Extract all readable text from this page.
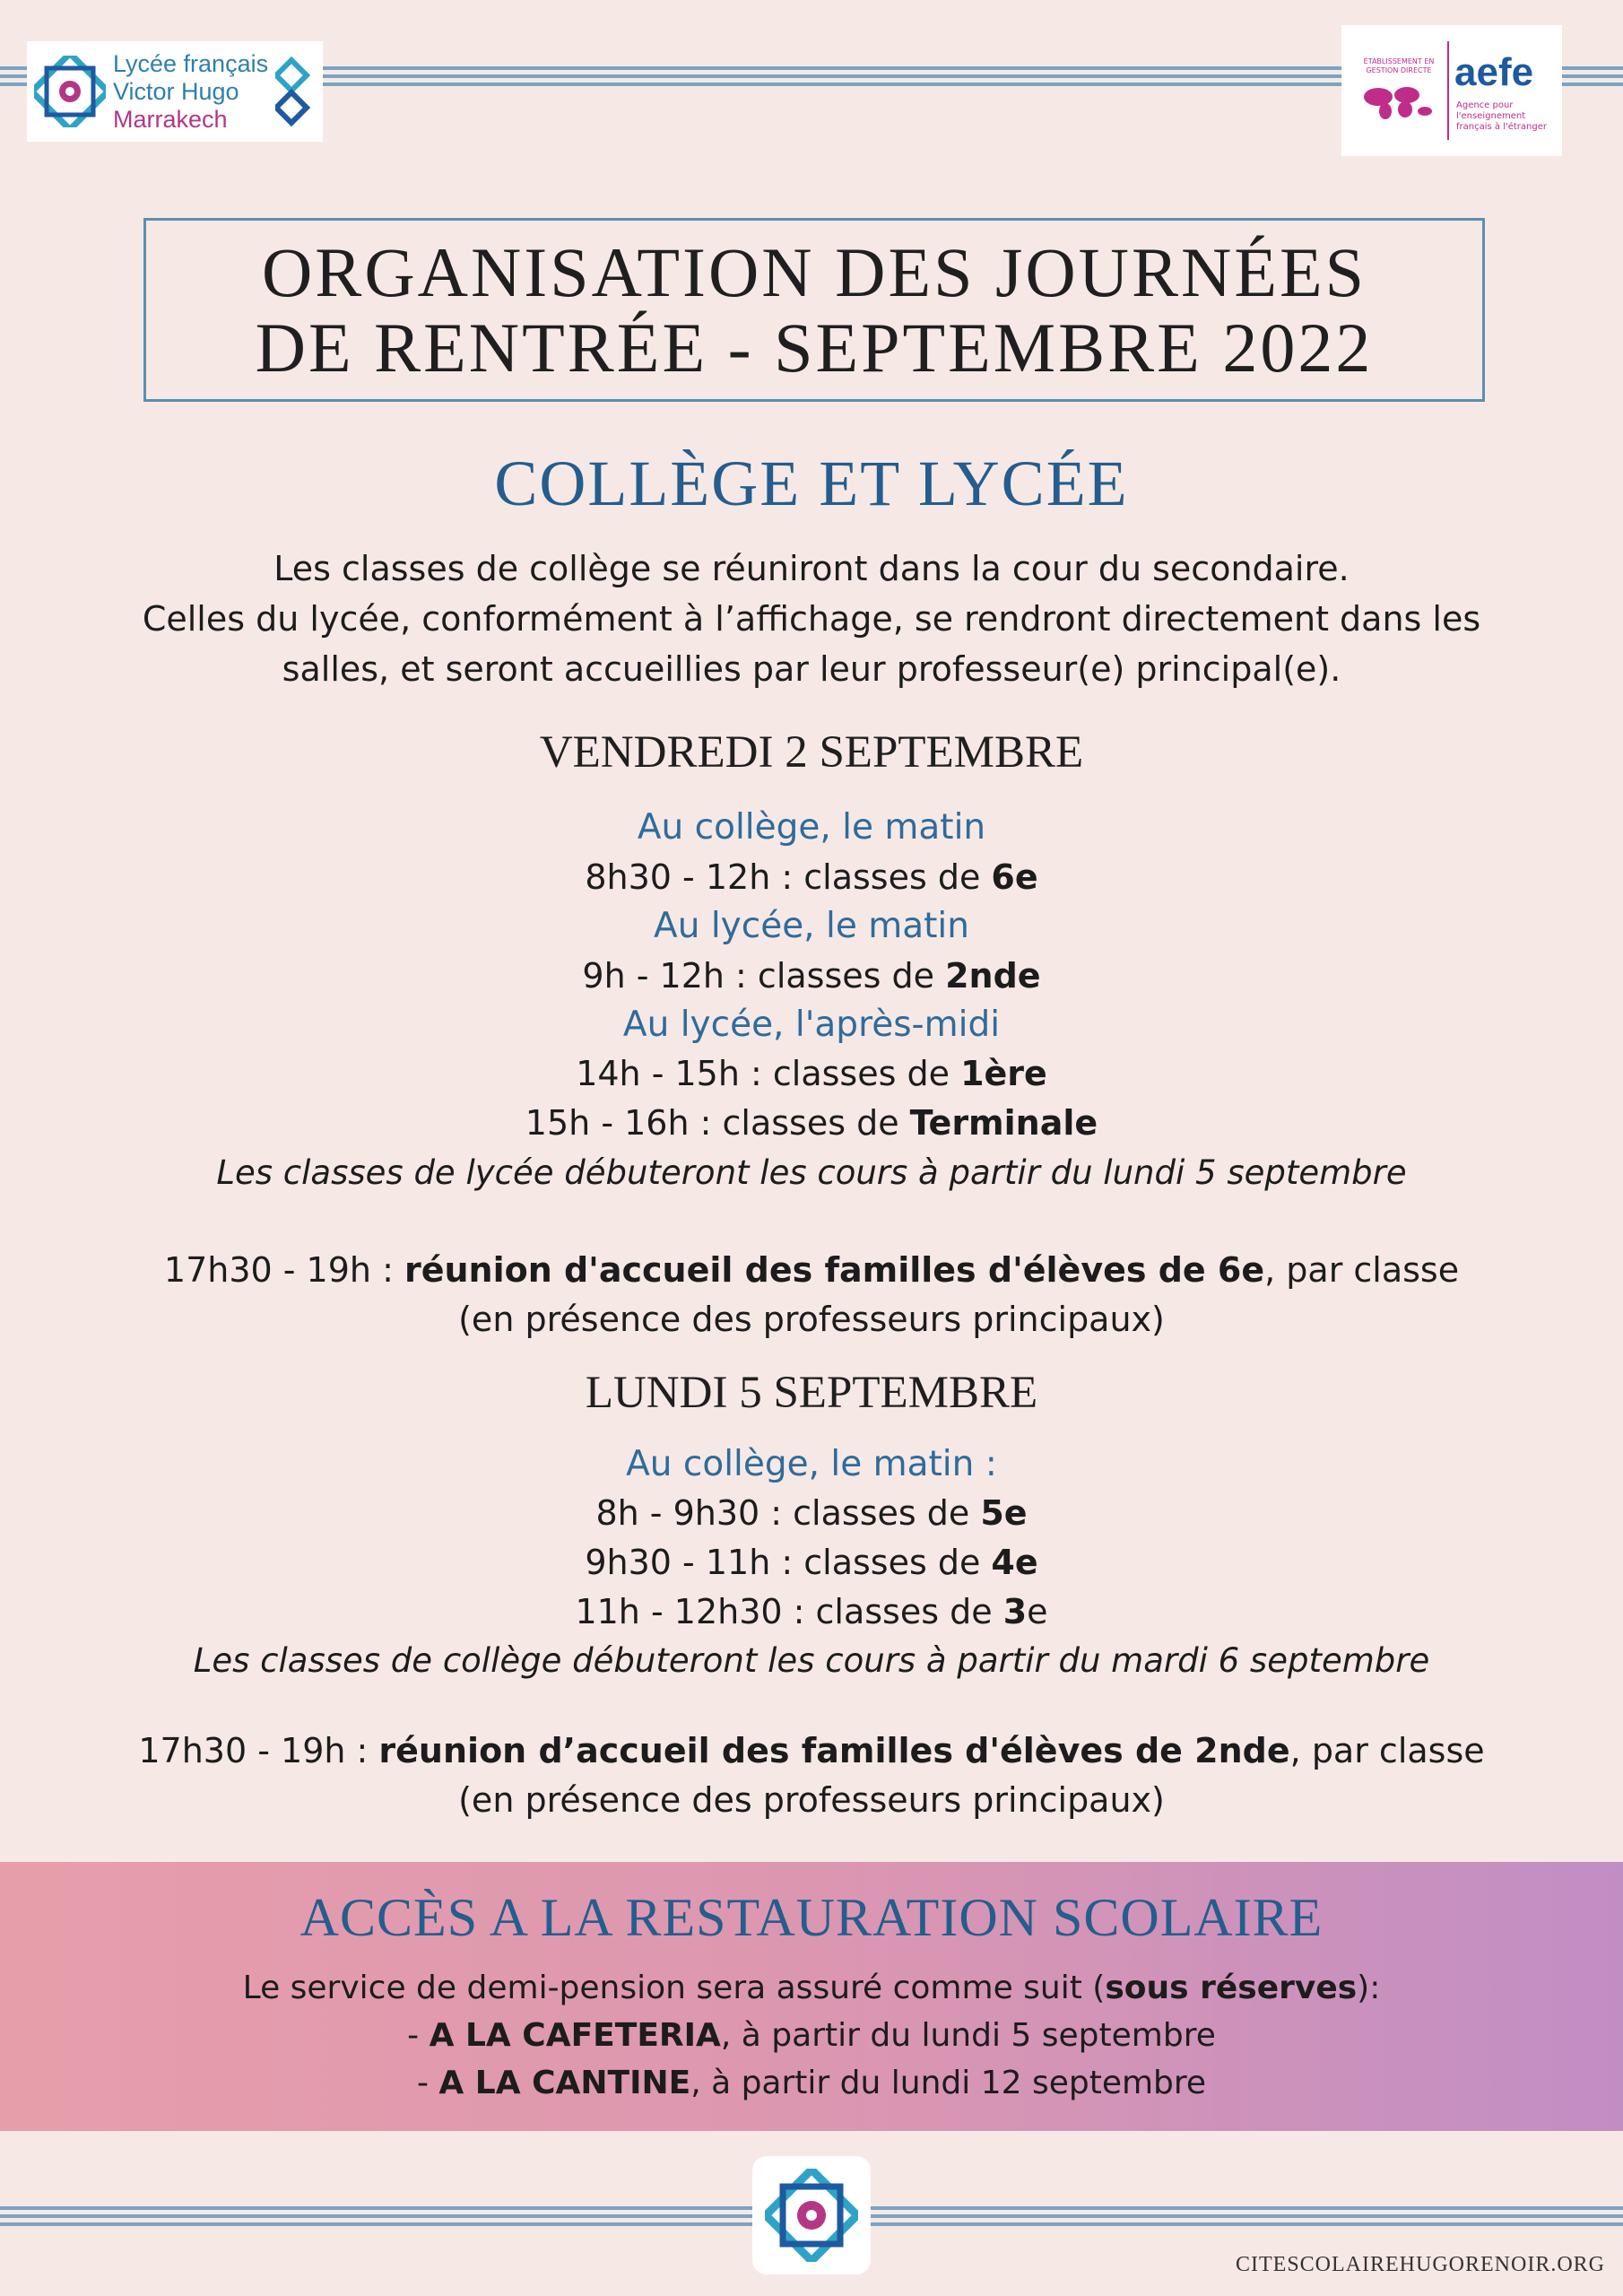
Lycée français
Victor Hugo
Marrakech
ÉTABLISSEMENT EN GESTION DIRECTE aefe
Agence pour l'enseignement français à l'étranger
ORGANISATION DES JOURNÉES
DE RENTRÉE - SEPTEMBRE 2022
COLLÈGE ET LYCÉE
Les classes de collège se réuniront dans la cour du secondaire.
Celles du lycée, conformément à l’affichage, se rendront directement dans les
salles, et seront accueillies par leur professeur(e) principal(e).
VENDREDI 2 SEPTEMBRE
Au collège, le matin
8h30 - 12h : classes de 6e
Au lycée, le matin
9h - 12h : classes de 2nde
Au lycée, l'après-midi
14h - 15h : classes de 1ère
15h - 16h : classes de Terminale
Les classes de lycée débuteront les cours à partir du lundi 5 septembre
17h30 - 19h : réunion d'accueil des familles d'élèves de 6e, par classe
(en présence des professeurs principaux)
LUNDI 5 SEPTEMBRE
Au collège, le matin :
8h - 9h30 : classes de 5e
9h30 - 11h : classes de 4e
11h - 12h30 : classes de 3e
Les classes de collège débuteront les cours à partir du mardi 6 septembre
17h30 - 19h : réunion d’accueil des familles d'élèves de 2nde, par classe
(en présence des professeurs principaux)
ACCÈS A LA RESTAURATION SCOLAIRE
Le service de demi-pension sera assuré comme suit (sous réserves):
- A LA CAFETERIA, à partir du lundi 5 septembre
- A LA CANTINE, à partir du lundi 12 septembre
CITESCOLAIREHUGORENOIR.ORG
